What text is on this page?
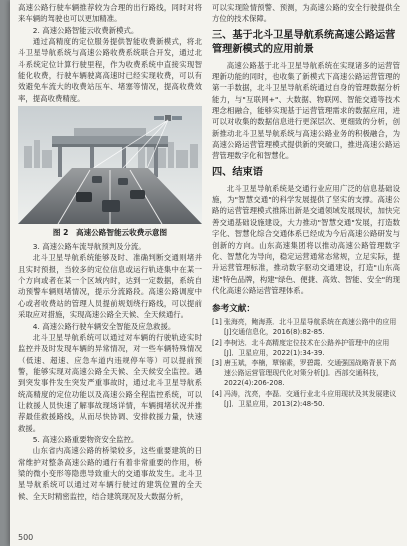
高速公路行驶车辆推荐较为合理的出行路线，同时对将来车辆的驾驶也可以更加精准。

2. 高速公路智能云收费新模式。

通过高精度的定位服务提供智能收费新模式，将北斗卫星导航系统与高速公路收费系统联合开发，通过北斗系统定位计算行驶里程，作为收费系统中直接实现智能化收费，行驶车辆驶离高速时已经实现收费，可以有效避免车流大的收费站压车、堵塞等情况，提高收费效率，提高收费精度。

图 2　高速公路智能云收费示意图

3. 高速公路车流导航预判及分流。

北斗卫星导航系统能够及时、准确判断交通则堵并且实时预报，当较多的定位信息或运行轨迹集中在某一个方向或者在某一个区域内时，达到一定数据，系统自动预警车辆则堵情况，提示分流路段。高速公路调度中心或者收费站的管理人员提前规划绕行路线，可以提前采取应对措施，实现高速公路全天候、全天候通行。

4. 高速公路行驶车辆安全智能及应急救援。

北斗卫星导航系统可以通过对车辆的行驶轨迹实时监控并及时发现车辆的异常情况，对一些车辆特殊情况（低速、超速、应急车道内违规停车等）可以提前预警，能够实现对高速公路全天候、全天候安全监控。遇到突发事件发生突发严重事故时，通过北斗卫星导航系统高精度的定位功能以及高速公路全程监控系统，可以让救援人员快速了解事故现场详情，车辆拥堵状况并推荐最佳救援路线，从而尽快协调、安排救援力量，快速救援。

5. 高速公路重要物资安全监控。

山东省内高速公路的桥梁较多，这些重要建筑的日常维护对整条高速公路的通行有着非常重要的作用，桥梁的微小变形等隐患导致重大的交通事故发生。北斗卫星导航系统可以通过对车辆行驶过的建筑位置的全天候、全天时精密监控，结合建筑现况及大数据分析，

可以实现险情预警、预测，为高速公路的安全行驶提供全方位的技术保障。

三、基于北斗卫星导航系统高速公路运营管理新模式的应用前景

高速公路基于北斗卫星导航系统在实现诸多的运营管理新功能的同时，也收集了新模式下高速公路运营管理的第一手数据，北斗卫星导航系统通过自身的管理数据分析能力，与"互联网+"、大数据、物联网、智能交通等技术理念相融合，能够实现基于运营管理需求的数据应用，进可以对收集的数据信息进行更深层次、更细致的分析，创新推动北斗卫星导航系统与高速公路业务的积极融合，为高速公路运营管理模式提供新的突破口，推进高速公路运营管理数字化和智慧化。

四、结束语

北斗卫星导航系统是交通行业应用广泛的信息基础设施，为"智慧交通"的科学发展提供了坚实的支撑。高速公路的运营管理模式推陈出新是交通领域发展现状，加快完善交通基础设施建设，大力推动"智慧交通"发展，打造数字化、智慧化综合交通体系已经成为今后高速公路研发与创新的方向。山东高速集团将以推动高速公路管理数字化、智慧化为导向，稳定运营通常态常规，立足实际，提升运营管理标准，推动数字驱动交通建设，打造"山东高速"特色品牌，构建"绿色、便捷、高效、智能、安全"的现代化高速公路运营管理体系。

参考文献：

[1] 张海亮，鲍海燕．北斗卫星导航系统在高速公路中的应用[J]交通信息化，2016(8):82-85.

[2] 李树达．北斗高精度定位技术在公路养护管理中的应用[J]．卫星应用，2022(1):34-39.

[3] 唐玉斌，李楠，覃锦素，罗碧霞．交通强国战略背景下高速公路运营管理现代化对策分析[J]．西部交通科技，2022(4):206-208.

[4] 冯涛，沈亮，李磊．交通行业北斗应用现状及其发展建议[J]．卫星应用，2013(2):48-50.

500
